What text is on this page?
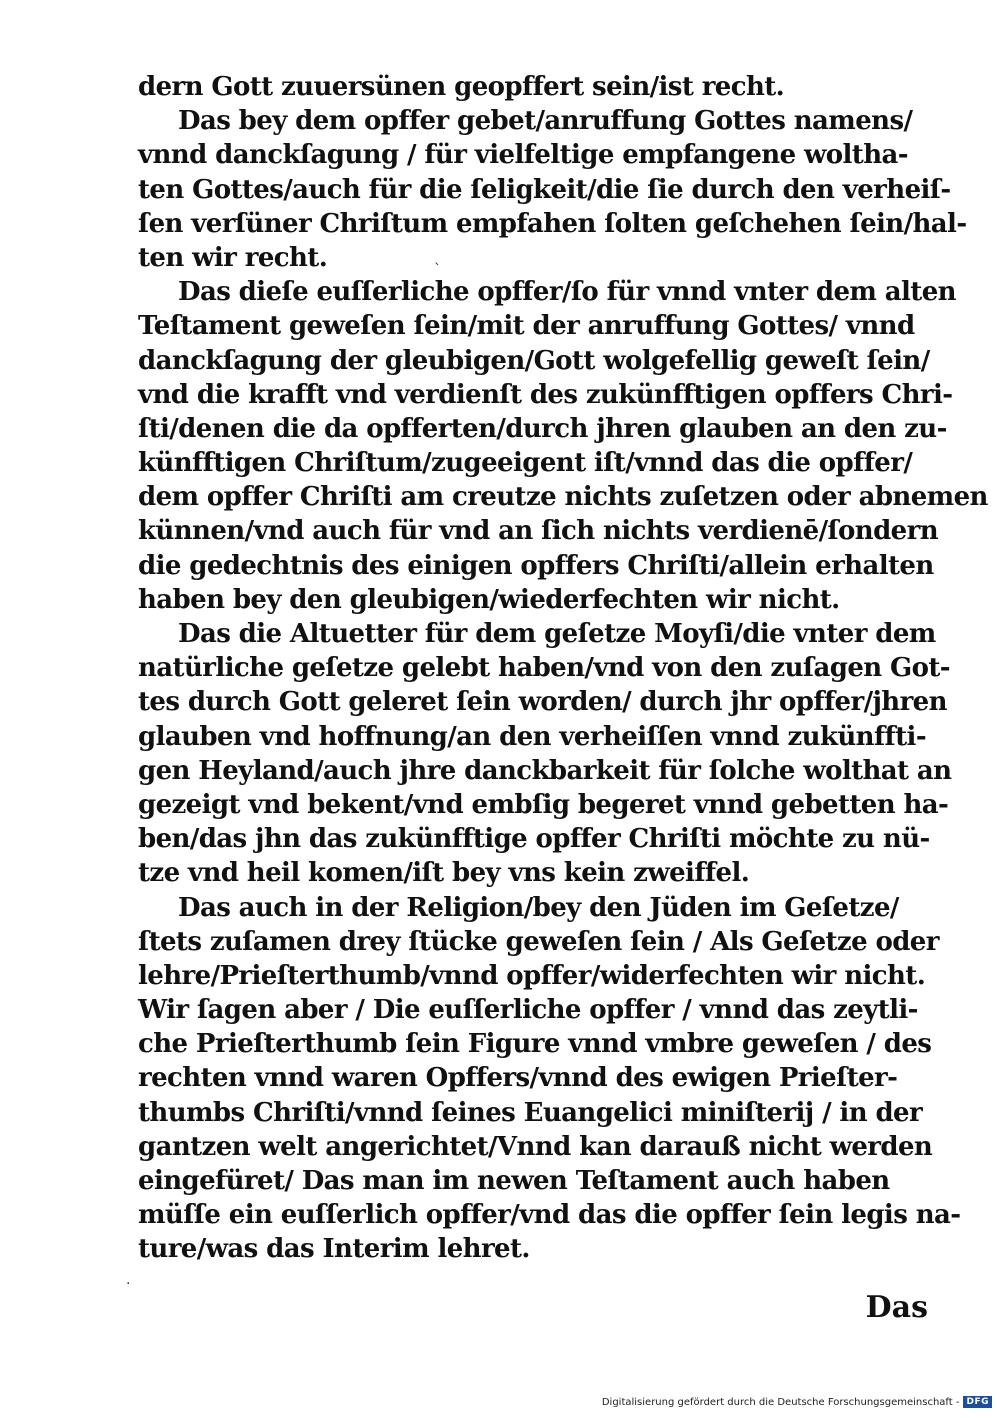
dern Gott zuuersünen geopffert sein/ist recht.
Das bey dem opffer gebet/anruffung Gottes namens/
vnnd danckſagung / für vielfeltige empfangene woltha-
ten Gottes/auch für die ſeligkeit/die ſie durch den verheiſ-
ſen verſüner Chriſtum empfahen ſolten geſchehen ſein/hal-
ten wir recht.
Das dieſe euſſerliche opffer/ſo für vnnd vnter dem alten
Teſtament geweſen ſein/mit der anruffung Gottes/ vnnd
danckſagung der gleubigen/Gott wolgefellig geweſt ſein/
vnd die krafft vnd verdienſt des zukünfftigen opffers Chri-
ſti/denen die da opfferten/durch jhren glauben an den zu-
künfftigen Chriſtum/zugeeigent iſt/vnnd das die opffer/
dem opffer Chriſti am creutze nichts zuſetzen oder abnemen
künnen/vnd auch für vnd an ſich nichts verdienē/ſondern
die gedechtnis des einigen opffers Chriſti/allein erhalten
haben bey den gleubigen/wiederfechten wir nicht.
Das die Altuetter für dem geſetze Moyſi/die vnter dem
natürliche geſetze gelebt haben/vnd von den zuſagen Got-
tes durch Gott geleret ſein worden/ durch jhr opffer/jhren
glauben vnd hoffnung/an den verheiſſen vnnd zukünffti-
gen Heyland/auch jhre danckbarkeit für ſolche wolthat an
gezeigt vnd bekent/vnd embſig begeret vnnd gebetten ha-
ben/das jhn das zukünfftige opffer Chriſti möchte zu nü-
tze vnd heil komen/iſt bey vns kein zweiffel.
Das auch in der Religion/bey den Jüden im Geſetze/
ſtets zuſamen drey ſtücke geweſen ſein / Als Geſetze oder
lehre/Prieſterthumb/vnnd opffer/widerfechten wir nicht.
Wir ſagen aber / Die euſſerliche opffer / vnnd das zeytli-
che Prieſterthumb ſein Figure vnnd vmbre geweſen / des
rechten vnnd waren Opffers/vnnd des ewigen Prieſter-
thumbs Chriſti/vnnd ſeines Euangelici miniſterij / in der
gantzen welt angerichtet/Vnnd kan darauß nicht werden
eingefüret/ Das man im newen Teſtament auch haben
müſſe ein euſſerlich opffer/vnd das die opffer ſein legis na-
ture/was das Interim lehret.
Das
ˋ
·
Digitalisierung gefördert durch die Deutsche Forschungsgemeinschaft - DFG
